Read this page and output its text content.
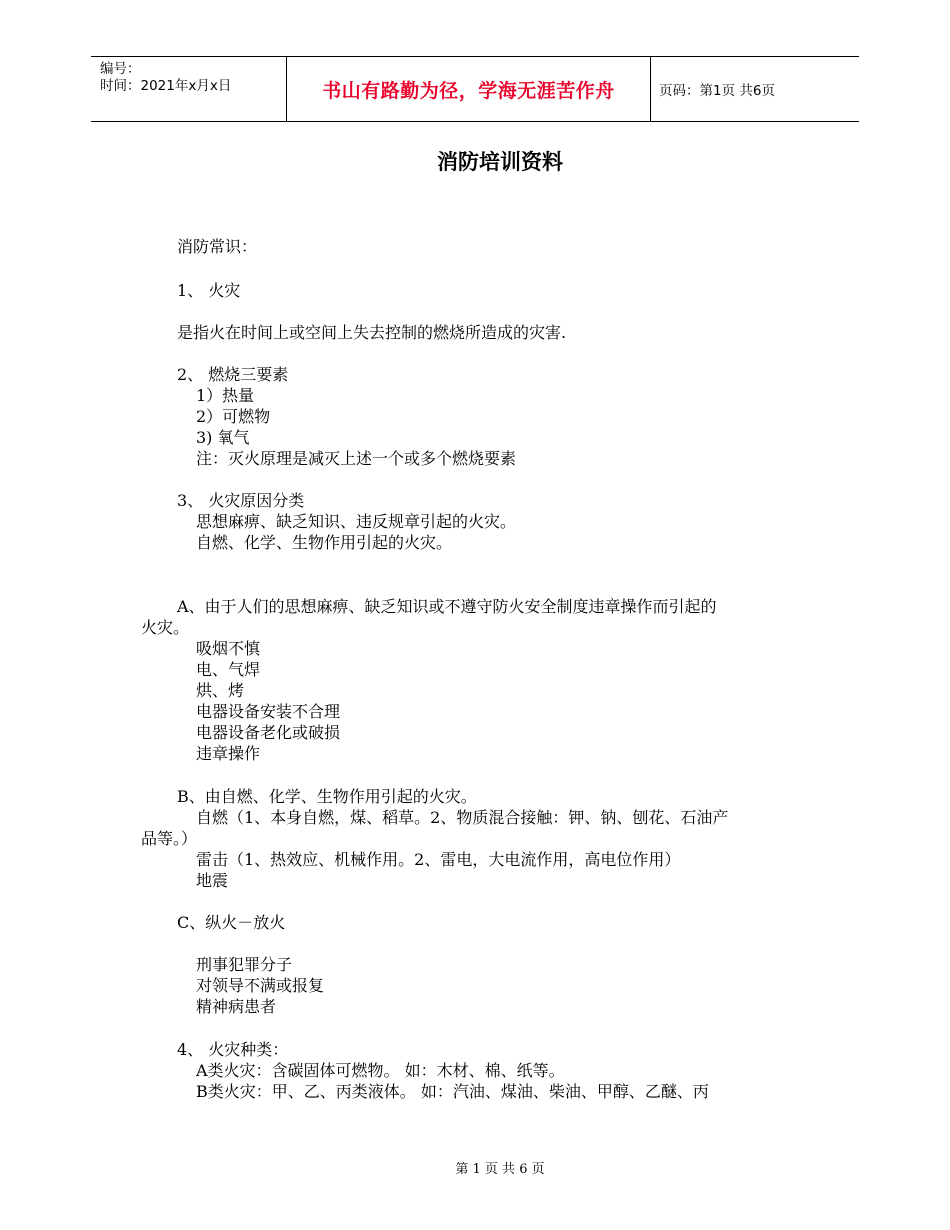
编号：
时间：2021年x月x日	书山有路勤为径，学海无涯苦作舟	页码：第1页 共6页
消防培训资料
消防常识：
1、 火灾
是指火在时间上或空间上失去控制的燃烧所造成的灾害.
2、 燃烧三要素
1）热量
2）可燃物
3) 氧气
注：灭火原理是减灭上述一个或多个燃烧要素
3、 火灾原因分类
思想麻痹、缺乏知识、违反规章引起的火灾。
自燃、化学、生物作用引起的火灾。
A、由于人们的思想麻痹、缺乏知识或不遵守防火安全制度违章操作而引起的
火灾。
吸烟不慎
电、气焊
烘、烤
电器设备安装不合理
电器设备老化或破损
违章操作
B、由自燃、化学、生物作用引起的火灾。
自燃（1、本身自燃，煤、稻草。2、物质混合接触：钾、钠、刨花、石油产
品等。）
雷击（1、热效应、机械作用。2、雷电，大电流作用，高电位作用）
地震
C、纵火－放火
刑事犯罪分子
对领导不满或报复
精神病患者
4、 火灾种类：
A类火灾：含碳固体可燃物。 如：木材、棉、纸等。
B类火灾：甲、乙、丙类液体。 如：汽油、煤油、柴油、甲醇、乙醚、丙
第 1 页 共 6 页
